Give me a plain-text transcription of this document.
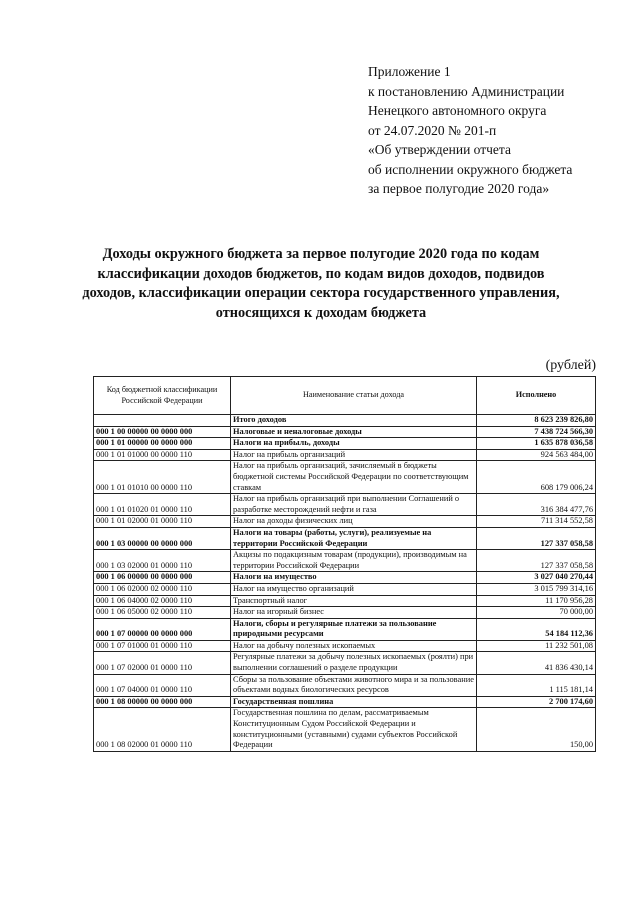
Приложение 1
к постановлению Администрации
Ненецкого автономного округа
от 24.07.2020 № 201-п
«Об утверждении отчета
об исполнении окружного бюджета
за первое полугодие 2020 года»
Доходы окружного бюджета за первое полугодие 2020 года по кодам
классификации доходов бюджетов, по кодам видов доходов, подвидов
доходов, классификации операции сектора государственного управления,
относящихся к доходам бюджета
(рублей)
Код бюджетной классификации Российской Федерации	Наименование статьи дохода	Исполнено
	Итого доходов	8 623 239 826,80
000 1 00 00000 00 0000 000	Налоговые и неналоговые доходы	7 438 724 566,30
000 1 01 00000 00 0000 000	Налоги на прибыль, доходы	1 635 878 036,58
000 1 01 01000 00 0000 110	Налог на прибыль организаций	924 563 484,00
000 1 01 01010 00 0000 110	Налог на прибыль организаций, зачисляемый в бюджеты бюджетной системы Российской Федерации по соответствующим ставкам	608 179 006,24
000 1 01 01020 01 0000 110	Налог на прибыль организаций при выполнении Соглашений о разработке месторождений нефти и газа	316 384 477,76
000 1 01 02000 01 0000 110	Налог на доходы физических лиц	711 314 552,58
000 1 03 00000 00 0000 000	Налоги на товары (работы, услуги), реализуемые на территории Российской Федерации	127 337 058,58
000 1 03 02000 01 0000 110	Акцизы по подакцизным товарам (продукции), производимым на территории Российской Федерации	127 337 058,58
000 1 06 00000 00 0000 000	Налоги на имущество	3 027 040 270,44
000 1 06 02000 02 0000 110	Налог на имущество организаций	3 015 799 314,16
000 1 06 04000 02 0000 110	Транспортный налог	11 170 956,28
000 1 06 05000 02 0000 110	Налог на игорный бизнес	70 000,00
000 1 07 00000 00 0000 000	Налоги, сборы и регулярные платежи за пользование природными ресурсами	54 184 112,36
000 1 07 01000 01 0000 110	Налог на добычу полезных ископаемых	11 232 501,08
000 1 07 02000 01 0000 110	Регулярные платежи за добычу полезных ископаемых (роялти) при выполнении соглашений о разделе продукции	41 836 430,14
000 1 07 04000 01 0000 110	Сборы за пользование объектами животного мира и за пользование объектами водных биологических ресурсов	1 115 181,14
000 1 08 00000 00 0000 000	Государственная пошлина	2 700 174,60
000 1 08 02000 01 0000 110	Государственная пошлина по делам, рассматриваемым Конституционным Судом Российской Федерации и конституционными (уставными) судами субъектов Российской Федерации	150,00
